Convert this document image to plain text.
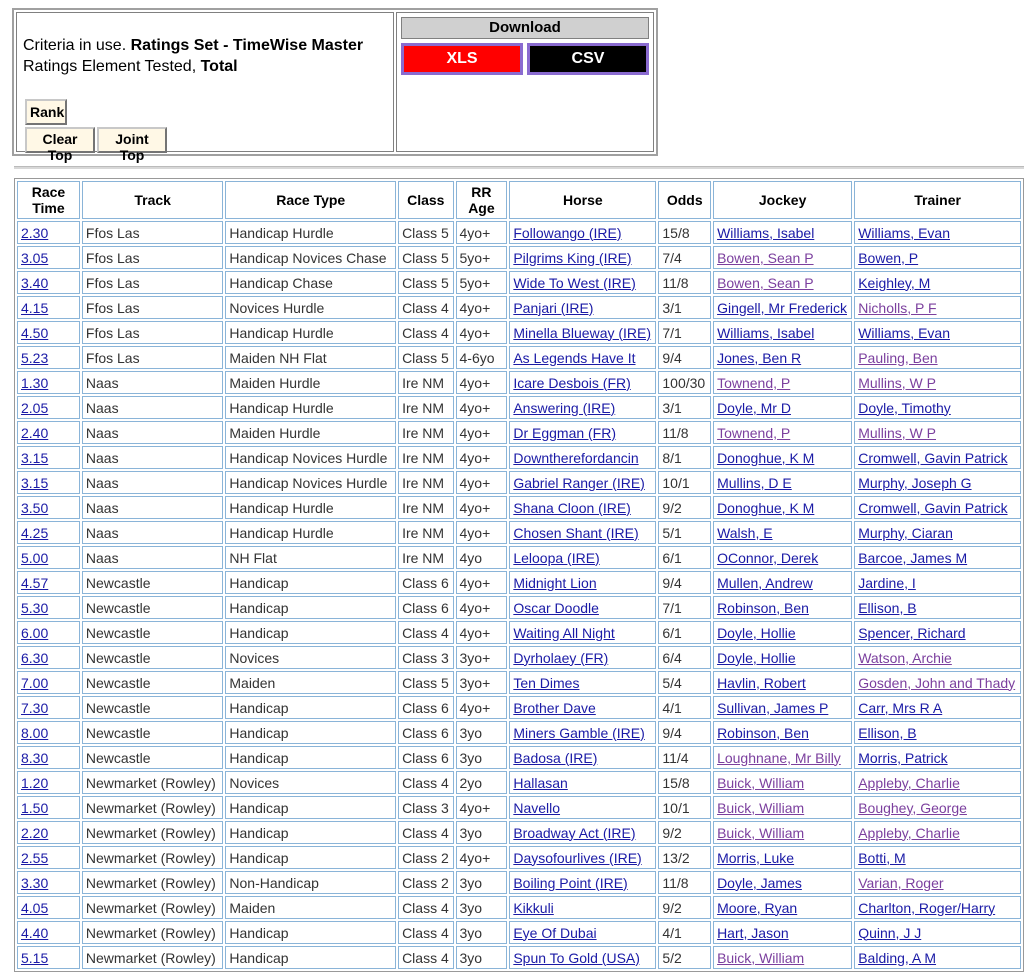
Criteria in use. Ratings Set - TimeWise Master
Ratings Element Tested, Total
Rank
Clear Top
Joint Top
Download
XLS	CSV
Race Time	Track	Race Type	Class	RR Age	Horse	Odds	Jockey	Trainer
2.30	Ffos Las	Handicap Hurdle	Class 5	4yo+	Followango (IRE)	15/8	Williams, Isabel	Williams, Evan
3.05	Ffos Las	Handicap Novices Chase	Class 5	5yo+	Pilgrims King (IRE)	7/4	Bowen, Sean P	Bowen, P
3.40	Ffos Las	Handicap Chase	Class 5	5yo+	Wide To West (IRE)	11/8	Bowen, Sean P	Keighley, M
4.15	Ffos Las	Novices Hurdle	Class 4	4yo+	Panjari (IRE)	3/1	Gingell, Mr Frederick	Nicholls, P F
4.50	Ffos Las	Handicap Hurdle	Class 4	4yo+	Minella Blueway (IRE)	7/1	Williams, Isabel	Williams, Evan
5.23	Ffos Las	Maiden NH Flat	Class 5	4-6yo	As Legends Have It	9/4	Jones, Ben R	Pauling, Ben
1.30	Naas	Maiden Hurdle	Ire NM	4yo+	Icare Desbois (FR)	100/30	Townend, P	Mullins, W P
2.05	Naas	Handicap Hurdle	Ire NM	4yo+	Answering (IRE)	3/1	Doyle, Mr D	Doyle, Timothy
2.40	Naas	Maiden Hurdle	Ire NM	4yo+	Dr Eggman (FR)	11/8	Townend, P	Mullins, W P
3.15	Naas	Handicap Novices Hurdle	Ire NM	4yo+	Downtherefordancin	8/1	Donoghue, K M	Cromwell, Gavin Patrick
3.15	Naas	Handicap Novices Hurdle	Ire NM	4yo+	Gabriel Ranger (IRE)	10/1	Mullins, D E	Murphy, Joseph G
3.50	Naas	Handicap Hurdle	Ire NM	4yo+	Shana Cloon (IRE)	9/2	Donoghue, K M	Cromwell, Gavin Patrick
4.25	Naas	Handicap Hurdle	Ire NM	4yo+	Chosen Shant (IRE)	5/1	Walsh, E	Murphy, Ciaran
5.00	Naas	NH Flat	Ire NM	4yo	Leloopa (IRE)	6/1	OConnor, Derek	Barcoe, James M
4.57	Newcastle	Handicap	Class 6	4yo+	Midnight Lion	9/4	Mullen, Andrew	Jardine, I
5.30	Newcastle	Handicap	Class 6	4yo+	Oscar Doodle	7/1	Robinson, Ben	Ellison, B
6.00	Newcastle	Handicap	Class 4	4yo+	Waiting All Night	6/1	Doyle, Hollie	Spencer, Richard
6.30	Newcastle	Novices	Class 3	3yo+	Dyrholaey (FR)	6/4	Doyle, Hollie	Watson, Archie
7.00	Newcastle	Maiden	Class 5	3yo+	Ten Dimes	5/4	Havlin, Robert	Gosden, John and Thady
7.30	Newcastle	Handicap	Class 6	4yo+	Brother Dave	4/1	Sullivan, James P	Carr, Mrs R A
8.00	Newcastle	Handicap	Class 6	3yo	Miners Gamble (IRE)	9/4	Robinson, Ben	Ellison, B
8.30	Newcastle	Handicap	Class 6	3yo	Badosa (IRE)	11/4	Loughnane, Mr Billy	Morris, Patrick
1.20	Newmarket (Rowley)	Novices	Class 4	2yo	Hallasan	15/8	Buick, William	Appleby, Charlie
1.50	Newmarket (Rowley)	Handicap	Class 3	4yo+	Navello	10/1	Buick, William	Boughey, George
2.20	Newmarket (Rowley)	Handicap	Class 4	3yo	Broadway Act (IRE)	9/2	Buick, William	Appleby, Charlie
2.55	Newmarket (Rowley)	Handicap	Class 2	4yo+	Daysofourlives (IRE)	13/2	Morris, Luke	Botti, M
3.30	Newmarket (Rowley)	Non-Handicap	Class 2	3yo	Boiling Point (IRE)	11/8	Doyle, James	Varian, Roger
4.05	Newmarket (Rowley)	Maiden	Class 4	3yo	Kikkuli	9/2	Moore, Ryan	Charlton, Roger/Harry
4.40	Newmarket (Rowley)	Handicap	Class 4	3yo	Eye Of Dubai	4/1	Hart, Jason	Quinn, J J
5.15	Newmarket (Rowley)	Handicap	Class 4	3yo	Spun To Gold (USA)	5/2	Buick, William	Balding, A M
